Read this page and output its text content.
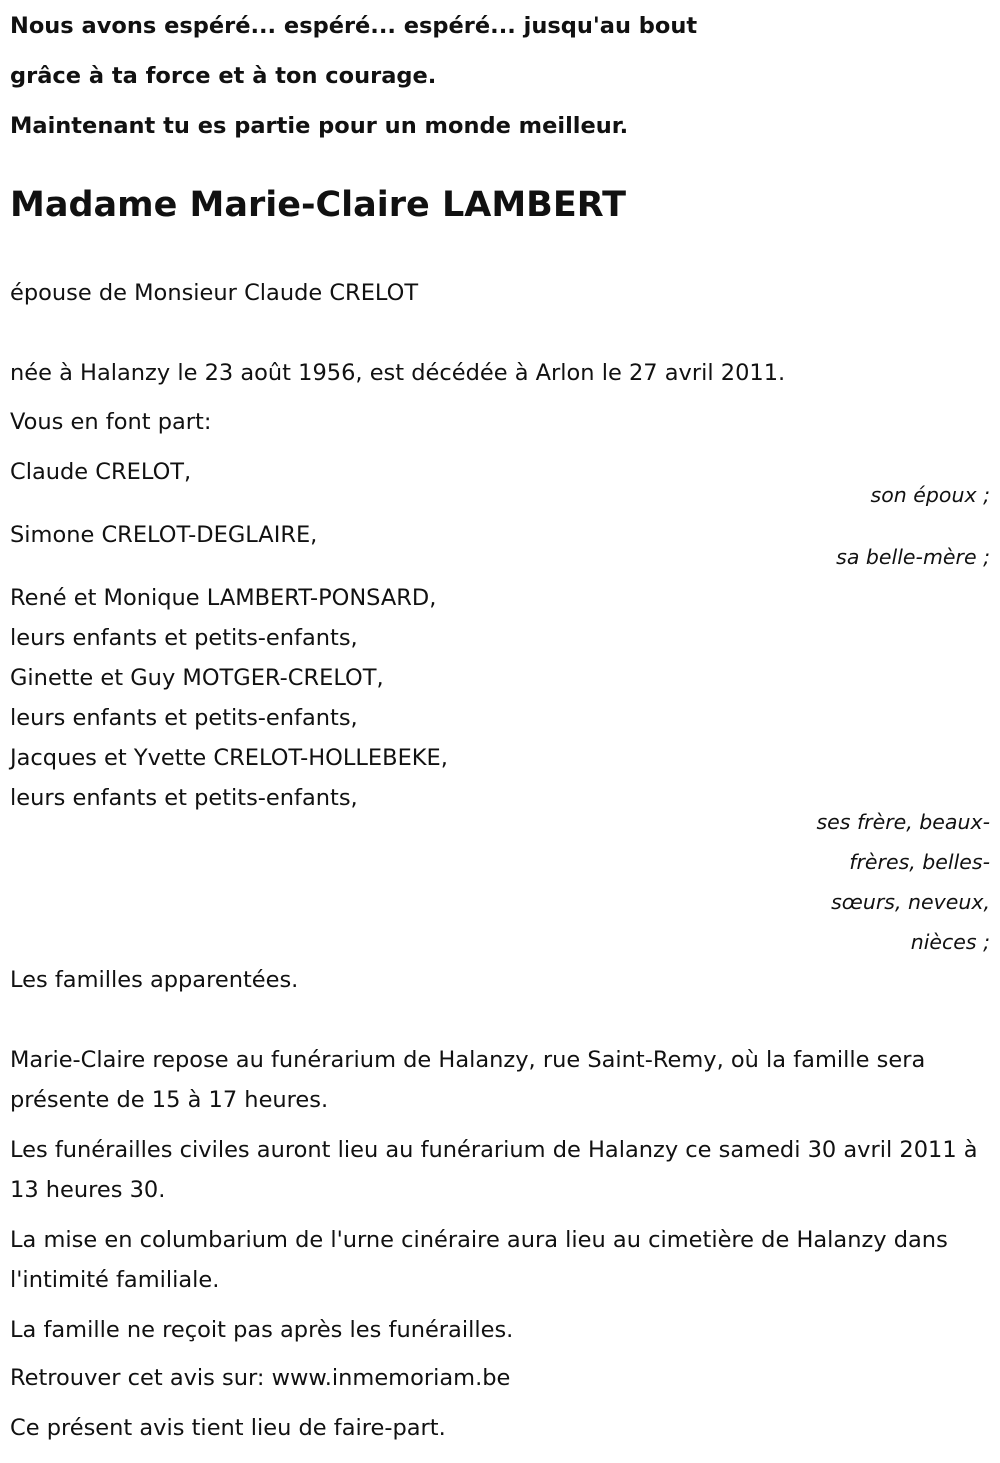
Nous avons espéré... espéré... espéré... jusqu'au bout
grâce à ta force et à ton courage.
Maintenant tu es partie pour un monde meilleur.
Madame Marie-Claire LAMBERT
épouse de Monsieur Claude CRELOT
née à Halanzy le 23 août 1956, est décédée à Arlon le 27 avril 2011.
Vous en font part:
Claude CRELOT,
son époux ;
Simone CRELOT-DEGLAIRE,
sa belle-mère ;
René et Monique LAMBERT-PONSARD,
leurs enfants et petits-enfants,
Ginette et Guy MOTGER-CRELOT,
leurs enfants et petits-enfants,
Jacques et Yvette CRELOT-HOLLEBEKE,
leurs enfants et petits-enfants,
ses frère, beaux-
frères, belles-
sœurs, neveux,
nièces ;
Les familles apparentées.
Marie-Claire repose au funérarium de Halanzy, rue Saint-Remy, où la famille sera présente de 15 à 17 heures.
Les funérailles civiles auront lieu au funérarium de Halanzy ce samedi 30 avril 2011 à 13 heures 30.
La mise en columbarium de l'urne cinéraire aura lieu au cimetière de Halanzy dans l'intimité familiale.
La famille ne reçoit pas après les funérailles.
Retrouver cet avis sur: www.inmemoriam.be
Ce présent avis tient lieu de faire-part.
